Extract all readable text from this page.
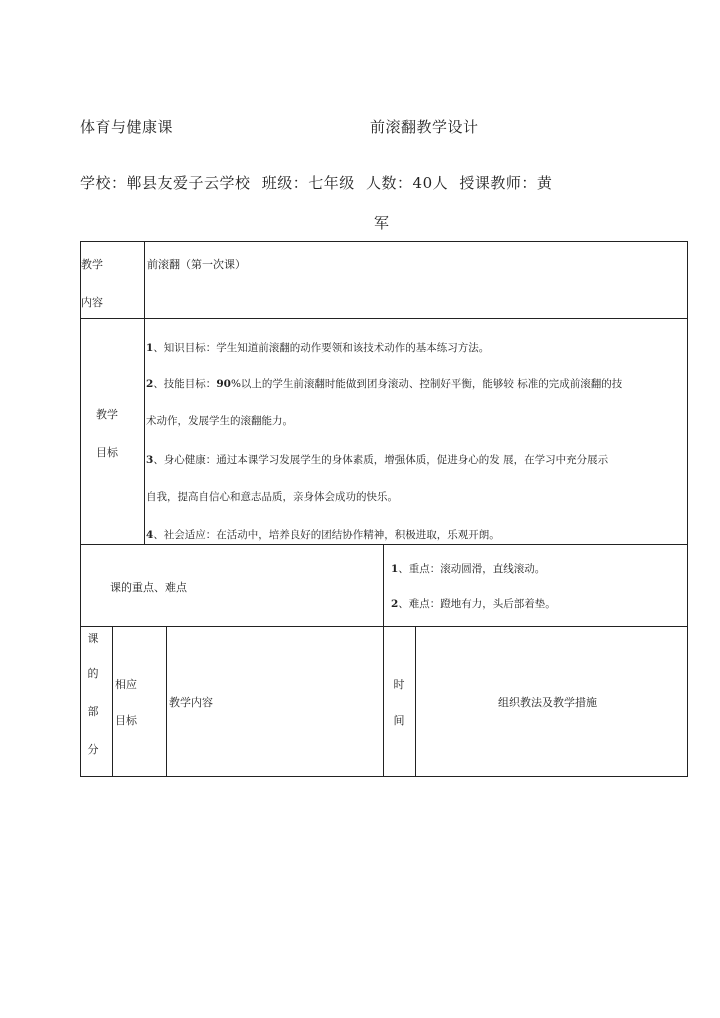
体育与健康课	前滚翻教学设计
学校：郸县友爱子云学校 班级：七年级 人数：40人 授课教师：黄
军
教学
内容
前滚翻（第一次课）
教学
目标
1、知识目标：学生知道前滚翻的动作要领和该技术动作的基本练习方法。
2、技能目标：90%以上的学生前滚翻时能做到团身滚动、控制好平衡，能够较 标准的完成前滚翻的技
术动作，发展学生的滚翻能力。
3、身心健康：通过本课学习发展学生的身体素质，增强体质，促进身心的发 展，在学习中充分展示
自我，提高自信心和意志品质，亲身体会成功的快乐。
4、社会适应：在活动中，培养良好的团结协作精神，积极进取，乐观开朗。
课的重点、难点
1、重点：滚动圆滑，直线滚动。
2、难点：蹬地有力，头后部着垫。
课
的
部
分
相应
目标
教学内容
时
间
组织教法及教学措施
